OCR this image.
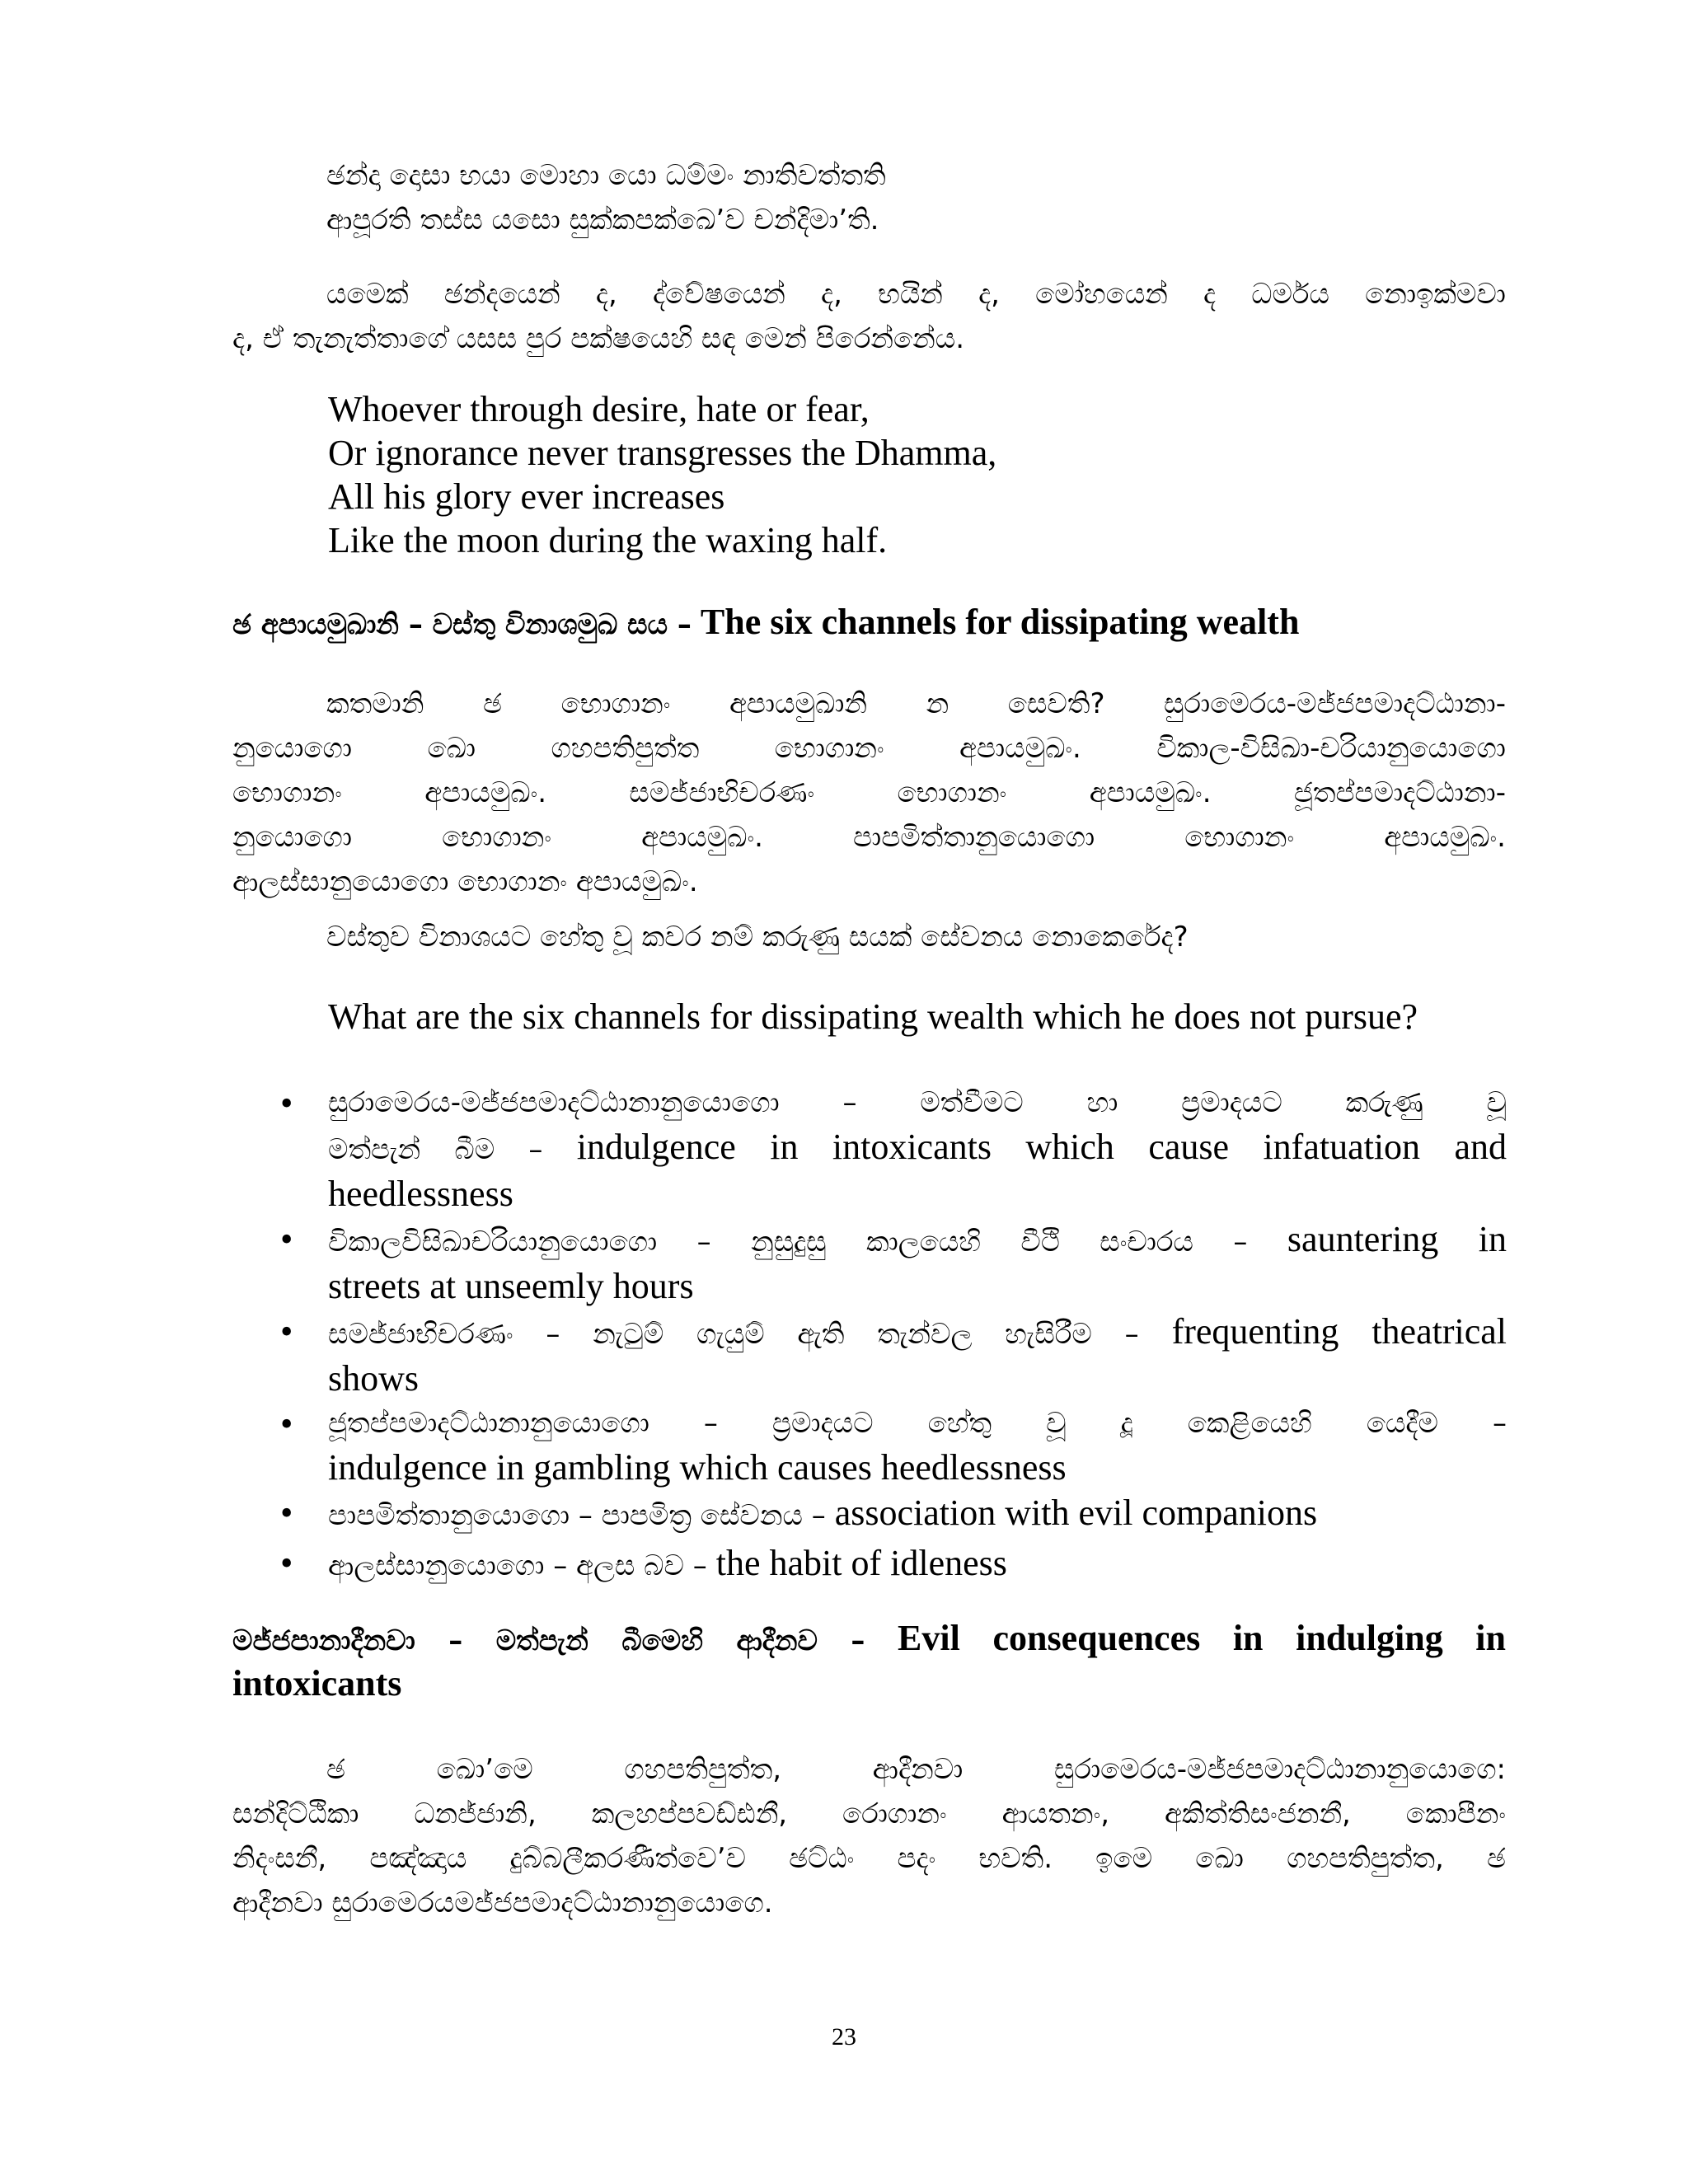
ඡන්දා දොසා භයා මොහා යො ධම්මං නාතිවත්තති
ආපූරති තස්ස යසො සුක්කපක්ඛෙ’ව චන්දිමා’ති.
යමෙක් ඡන්දයෙන් ද, ද්වේෂයෙන් ද, භයින් ද, මෝහයෙන් ද ධර්මය නොඉක්මවා
ද, ඒ තැනැත්තාගේ යසස පුර පක්ෂයෙහි සඳ මෙන් පිරෙන්නේය.
Whoever through desire, hate or fear,
Or ignorance never transgresses the Dhamma,
All his glory ever increases
Like the moon during the waxing half.
ඡ අපායමුඛානි – වස්තු විනාශමුඛ සය – The six channels for dissipating wealth
කතමානි ඡ භොගානං අපායමුඛානි න සෙවති? සුරාමෙරය-මජ්ජපමාදට්ඨානා-
නුයොගො ඛො ගහපතිපුත්ත භොගානං අපායමුඛං. විකාල-විසිඛා-චරියානුයොගො
භොගානං අපායමුඛං. සමජ්ජාභිචරණං භොගානං අපායමුඛං. ජූතප්පමාදට්ඨානා-
නුයොගො භොගානං අපායමුඛං. පාපමිත්තානුයොගො භොගානං අපායමුඛං.
ආලස්සානුයොගො භොගානං අපායමුඛං.
වස්තුව විනාශයට හේතු වූ කවර නම් කරුණු සයක් සේවනය නොකෙරේද?
What are the six channels for dissipating wealth which he does not pursue?
• සුරාමෙරය-මජ්ජපමාදට්ඨානානුයොගො – මත්වීමට හා ප්‍රමාදයට කරුණු වූ
මත්පැන් බීම – indulgence in intoxicants which cause infatuation and
heedlessness
• විකාලවිසිඛාචරියානුයොගො – නුසුදුසු කාලයෙහි වීථි සංචාරය – sauntering in
streets at unseemly hours
• සමජ්ජාභිචරණං – නැටුම් ගැයුම් ඇති තැන්වල හැසිරීම – frequenting theatrical
shows
• ජූතප්පමාදට්ඨානානුයොගො – ප්‍රමාදයට හේතු වූ දූ කෙළියෙහි යෙදීම –
indulgence in gambling which causes heedlessness
• පාපමිත්තානුයොගො – පාපමිත්‍ර සේවනය – association with evil companions
• ආලස්සානුයොගො – අලස බව – the habit of idleness
මජ්ජපානාදීනවා – මත්පැන් බීමෙහි ආදීනව – Evil consequences in indulging in
intoxicants
ඡ ඛො’මෙ ගහපතිපුත්ත, ආදීනවා සුරාමෙරය-මජ්ජපමාදට්ඨානානුයොගෙ:
සන්දිට්ඨිකා ධනජ්ජානි, කලහප්පවඩ්ඪනී, රොගානං ආයතනං, අකිත්තිසංජනනී, කොපීනං
නිදංසනී, පඤ්ඤාය දුබ්බලීකරණීත්වෙ’ව ඡට්ඨං පදං භවති. ඉමෙ ඛො ගහපතිපුත්ත, ඡ
ආදීනවා සුරාමෙරයමජ්ජපමාදට්ඨානානුයොගෙ.
23
